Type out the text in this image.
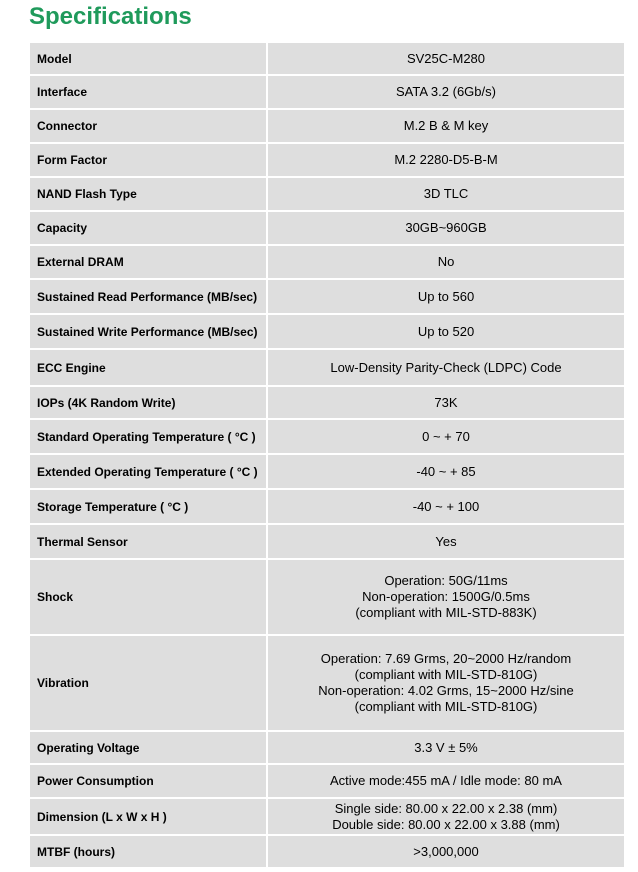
Specifications
Model	SV25C-M280

Interface	SATA 3.2 (6Gb/s)

Connector	M.2 B & M key

Form Factor	M.2 2280-D5-B-M

NAND Flash Type	3D TLC

Capacity	30GB~960GB

External DRAM	No

Sustained Read Performance (MB/sec)	Up to 560

Sustained Write Performance (MB/sec)	Up to 520

ECC Engine	Low-Density Parity-Check (LDPC) Code

IOPs (4K Random Write)	73K

Standard Operating Temperature ( °C )	0 ~ + 70

Extended Operating Temperature ( °C )	-40 ~ + 85

Storage Temperature ( °C )	-40 ~ + 100

Thermal Sensor	Yes

Shock	Operation: 50G/11ms
Non-operation: 1500G/0.5ms
(compliant with MIL-STD-883K)

Vibration	Operation: 7.69 Grms, 20~2000 Hz/random
(compliant with MIL-STD-810G)
Non-operation: 4.02 Grms, 15~2000 Hz/sine
(compliant with MIL-STD-810G)

Operating Voltage	3.3 V ± 5%

Power Consumption	Active mode:455 mA / Idle mode: 80 mA

Dimension (L x W x H )	Single side: 80.00 x 22.00 x 2.38 (mm)
Double side: 80.00 x 22.00 x 3.88 (mm)

MTBF (hours)	>3,000,000
